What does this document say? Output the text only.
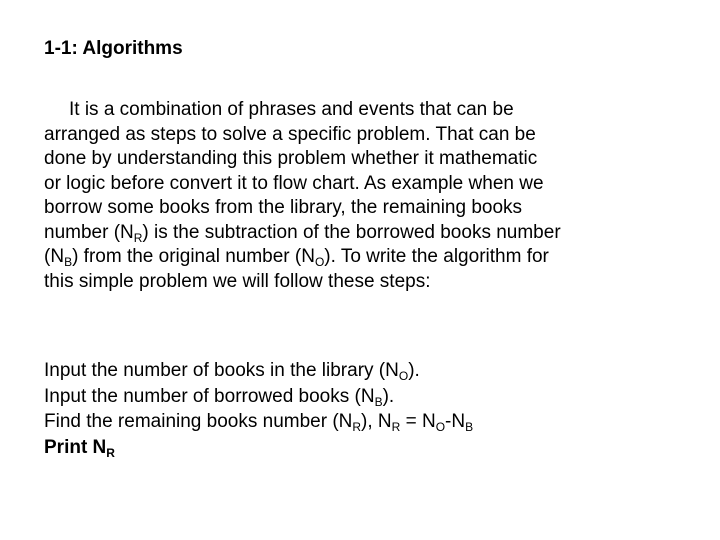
1-1: Algorithms
It is a combination of phrases and events that can be
arranged as steps to solve a specific problem. That can be
done by understanding this problem whether it mathematic
or logic before convert it to flow chart. As example when we
borrow some books from the library, the remaining books
number $(N_R)$ is the subtraction of the borrowed books number
$(N_B)$ from the original number $(N_O)$. To write the algorithm for
this simple problem we will follow these steps:
Input the number of books in the library $(N_O)$.
Input the number of borrowed books $(N_B)$.
Find the remaining books number $(N_R)$, $N_R = N_O-N_B$
Print $N_R$
